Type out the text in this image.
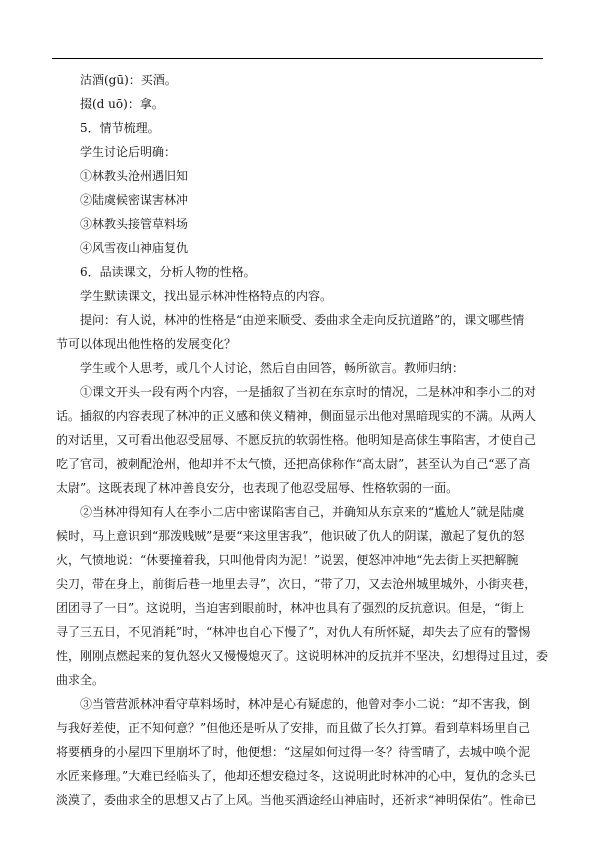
沽酒(gū)：买酒。
掇(d uō)：拿。
5．情节梳理。
学生讨论后明确：
①林教头沧州遇旧知
②陆虞候密谋害林冲
③林教头接管草料场
④风雪夜山神庙复仇
6．品读课文，分析人物的性格。
学生默读课文，找出显示林冲性格特点的内容。
提问：有人说，林冲的性格是“由逆来顺受、委曲求全走向反抗道路”的，课文哪些情
节可以体现出他性格的发展变化？
学生或个人思考，或几个人讨论，然后自由回答，畅所欲言。教师归纳：
①课文开头一段有两个内容，一是插叙了当初在东京时的情况，二是林冲和李小二的对
话。插叙的内容表现了林冲的正义感和侠义精神，侧面显示出他对黑暗现实的不满。从两人
的对话里，又可看出他忍受屈辱、不愿反抗的软弱性格。他明知是高俅生事陷害，才使自己
吃了官司，被刺配沧州，他却并不太气愤，还把高俅称作“高太尉”，甚至认为自己“恶了高
太尉”。这既表现了林冲善良安分，也表现了他忍受屈辱、性格软弱的一面。
②当林冲得知有人在李小二店中密谋陷害自己，并确知从东京来的“尴尬人”就是陆虞
候时，马上意识到“那泼贱贼”是要“来这里害我”，他识破了仇人的阴谋，激起了复仇的怒
火，气愤地说：“休要撞着我，只叫他骨肉为泥！”说罢，便怒冲冲地“先去街上买把解腕
尖刀，带在身上，前街后巷一地里去寻”，次日，“带了刀，又去沧州城里城外，小街夹巷，
团团寻了一日”。这说明，当迫害到眼前时，林冲也具有了强烈的反抗意识。但是，“街上
寻了三五日，不见消耗”时，“林冲也自心下慢了”，对仇人有所怀疑，却失去了应有的警惕
性，刚刚点燃起来的复仇怒火又慢慢熄灭了。这说明林冲的反抗并不坚决，幻想得过且过，委
曲求全。
③当管营派林冲看守草料场时，林冲是心有疑虑的，他曾对李小二说：“却不害我，倒
与我好差使，正不知何意？”但他还是听从了安排，而且做了长久打算。看到草料场里自己
将要栖身的小屋四下里崩坏了时，他便想：“这屋如何过得一冬？待雪晴了，去城中唤个泥
水匠来修理。”大难已经临头了，他却还想安稳过冬，这说明此时林冲的心中，复仇的念头已
淡漠了，委曲求全的思想又占了上风。当他买酒途经山神庙时，还祈求“神明保佑”。性命已
